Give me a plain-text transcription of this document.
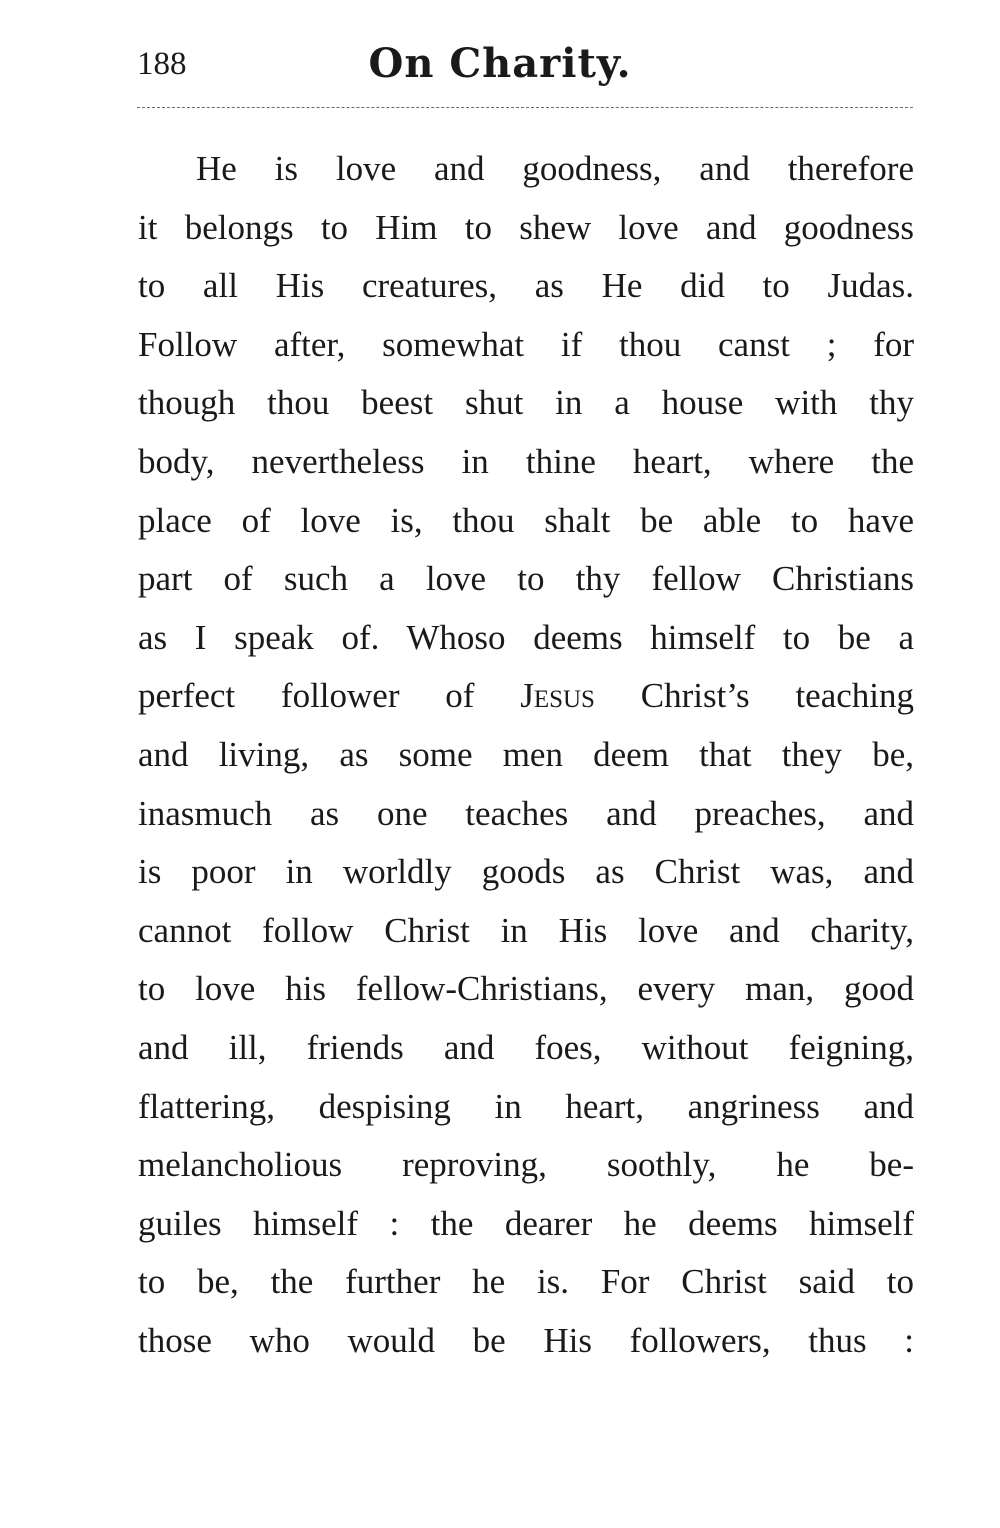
188	On Charity.
He is love and goodness, and therefore
it belongs to Him to shew love and goodness
to all His creatures, as He did to Judas.
Follow after, somewhat if thou canst ; for
though thou beest shut in a house with thy
body, nevertheless in thine heart, where the
place of love is, thou shalt be able to have
part of such a love to thy fellow Christians
as I speak of. Whoso deems himself to be a
perfect follower of Jesus Christ’s teaching
and living, as some men deem that they be,
inasmuch as one teaches and preaches, and
is poor in worldly goods as Christ was, and
cannot follow Christ in His love and charity,
to love his fellow-Christians, every man, good
and ill, friends and foes, without feigning,
flattering, despising in heart, angriness and
melancholious reproving, soothly, he be-
guiles himself : the dearer he deems himself
to be, the further he is. For Christ said to
those who would be His followers, thus :
